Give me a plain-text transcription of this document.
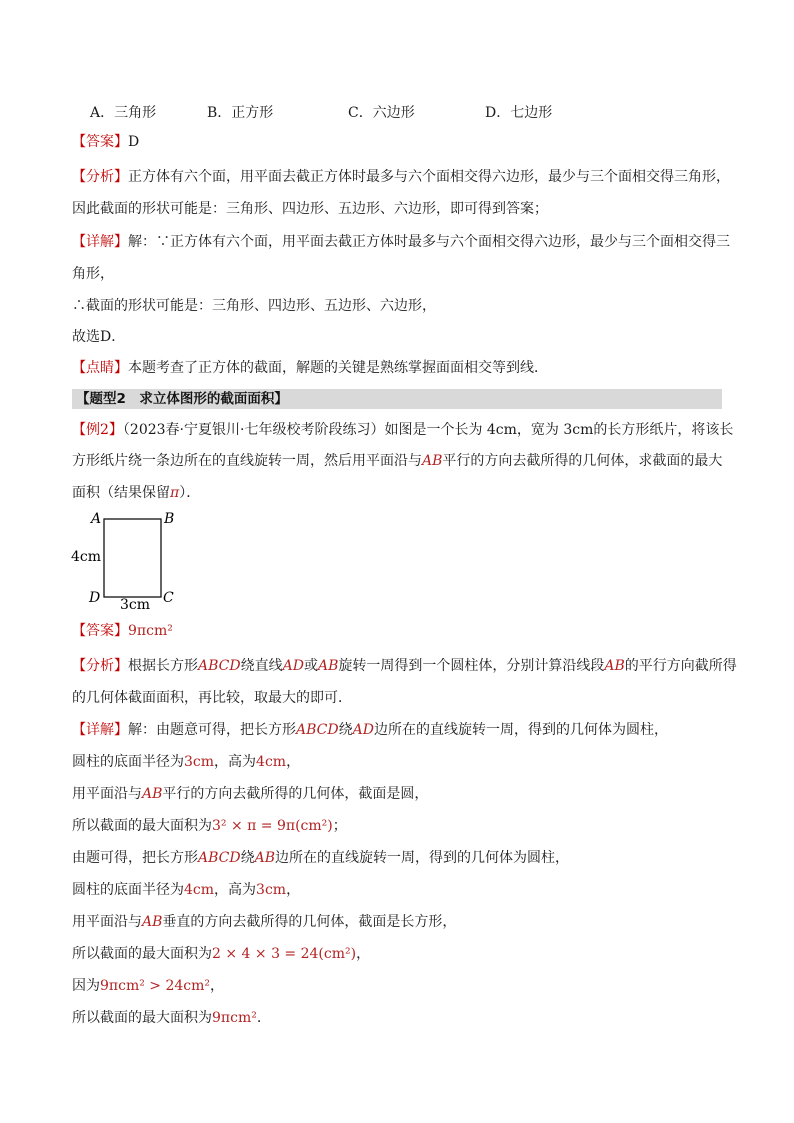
A．三角形	B．正方形	C．六边形	D．七边形
【答案】D
【分析】正方体有六个面，用平面去截正方体时最多与六个面相交得六边形，最少与三个面相交得三角形，
因此截面的形状可能是：三角形、四边形、五边形、六边形，即可得到答案；
【详解】解：∵正方体有六个面，用平面去截正方体时最多与六个面相交得六边形，最少与三个面相交得三
角形，
∴截面的形状可能是：三角形、四边形、五边形、六边形，
故选D．
【点睛】本题考查了正方体的截面，解题的关键是熟练掌握面面相交等到线．
【题型2　求立体图形的截面面积】
【例2】（2023春·宁夏银川·七年级校考阶段练习）如图是一个长为 4cm，宽为 3cm的长方形纸片，将该长
方形纸片绕一条边所在的直线旋转一周，然后用平面沿与AB平行的方向去截所得的几何体，求截面的最大
面积（结果保留π）．
A	B
C
D
4cm
3cm
【答案】9πcm²
【分析】根据长方形ABCD绕直线AD或AB旋转一周得到一个圆柱体，分别计算沿线段AB的平行方向截所得
的几何体截面面积，再比较，取最大的即可．
【详解】解：由题意可得，把长方形ABCD绕AD边所在的直线旋转一周，得到的几何体为圆柱，
圆柱的底面半径为3cm，高为4cm，
用平面沿与AB平行的方向去截所得的几何体，截面是圆，
所以截面的最大面积为3² × π = 9π(cm²)；
由题可得，把长方形ABCD绕AB边所在的直线旋转一周，得到的几何体为圆柱，
圆柱的底面半径为4cm，高为3cm，
用平面沿与AB垂直的方向去截所得的几何体，截面是长方形，
所以截面的最大面积为2 × 4 × 3 = 24(cm²)，
因为9πcm² > 24cm²，
所以截面的最大面积为9πcm².
